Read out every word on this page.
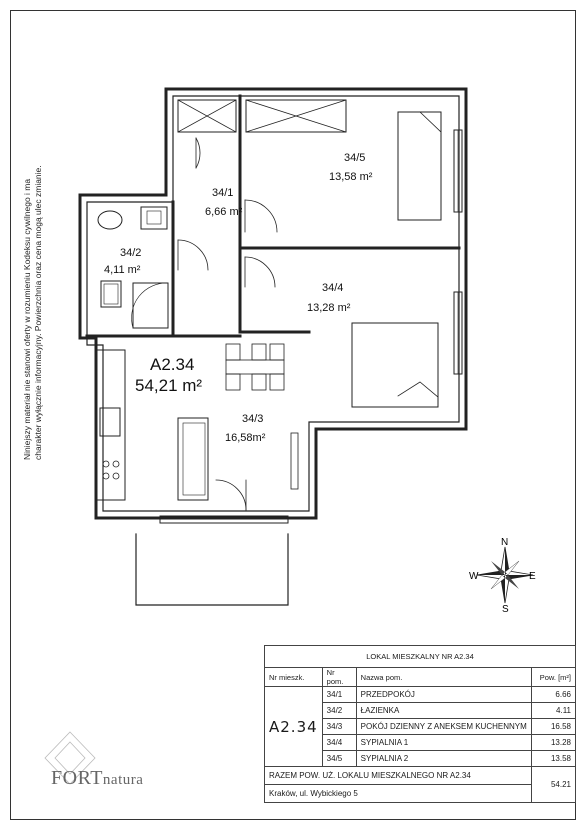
34/1
6,66 m²
34/2
4,11 m²
34/5
13,58 m²
34/4
13,28 m²
34/3
16,58m²
A2.34
54,21 m²
N
S
E
W
Niniejszy materiał nie stanowi oferty w rozumieniu Kodeksu cywilnego i ma charakter wyłącznie informacyjny. Powierzchnia oraz cena mogą ulec zmianie.
LOKAL MIESZKALNY NR A2.34			
Nr mieszk.	Nr pom.	Nazwa pom.	Pow. [m²]
A2.34	34/1	PRZEDPOKÓJ	6.66
	34/2	ŁAZIENKA	4.11
	34/3	POKÓJ DZIENNY Z ANEKSEM KUCHENNYM	16.58
	34/4	SYPIALNIA 1	13.28
	34/5	SYPIALNIA 2	13.58
RAZEM POW. UŻ. LOKALU MIESZKALNEGO NR A2.34			54.21
Kraków, ul. Wybickiego 5			
FORTnatura
